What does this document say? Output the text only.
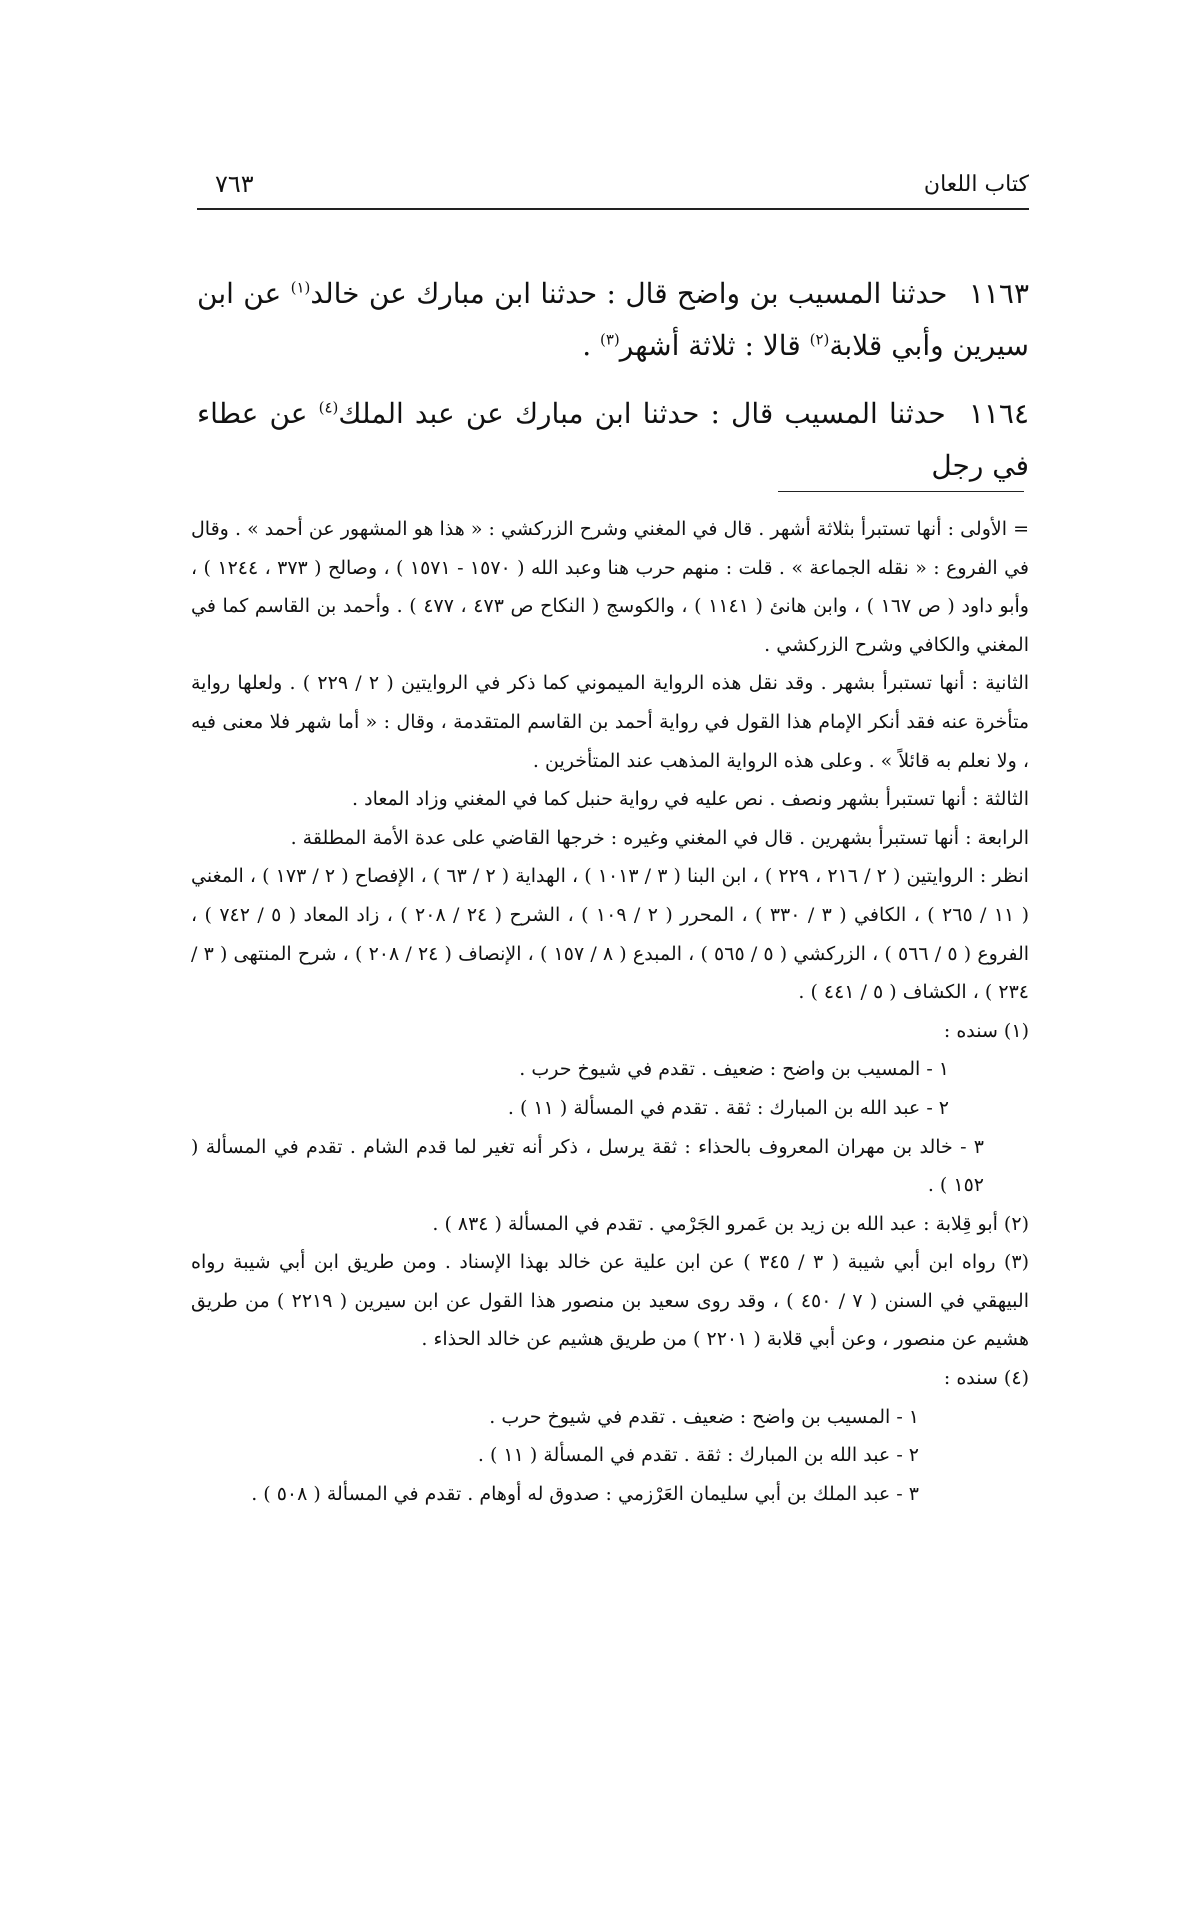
كتاب اللعان
٧٦٣

١١٦٣ حدثنا المسيب بن واضح قال : حدثنا ابن مبارك عن خالد$^{(١)}$ عن ابن سيرين وأبي قلابة$^{(٢)}$ قالا : ثلاثة أشهر$^{(٣)}$ .

١١٦٤ حدثنا المسيب قال : حدثنا ابن مبارك عن عبد الملك$^{(٤)}$ عن عطاء في رجل

= الأولى : أنها تستبرأ بثلاثة أشهر . قال في المغني وشرح الزركشي : « هذا هو المشهور عن أحمد » . وقال في الفروع : « نقله الجماعة » . قلت : منهم حرب هنا وعبد الله ( ١٥٧٠ - ١٥٧١ ) ، وصالح ( ٣٧٣ ، ١٢٤٤ ) ، وأبو داود ( ص ١٦٧ ) ، وابن هانئ ( ١١٤١ ) ، والكوسج ( النكاح ص ٤٧٣ ، ٤٧٧ ) . وأحمد بن القاسم كما في المغني والكافي وشرح الزركشي .

الثانية : أنها تستبرأ بشهر . وقد نقل هذه الرواية الميموني كما ذكر في الروايتين ( ٢ / ٢٢٩ ) . ولعلها رواية متأخرة عنه فقد أنكر الإمام هذا القول في رواية أحمد بن القاسم المتقدمة ، وقال : « أما شهر فلا معنى فيه ، ولا نعلم به قائلاً » . وعلى هذه الرواية المذهب عند المتأخرين .

الثالثة : أنها تستبرأ بشهر ونصف . نص عليه في رواية حنبل كما في المغني وزاد المعاد .

الرابعة : أنها تستبرأ بشهرين . قال في المغني وغيره : خرجها القاضي على عدة الأمة المطلقة .

انظر : الروايتين ( ٢ / ٢١٦ ، ٢٢٩ ) ، ابن البنا ( ٣ / ١٠١٣ ) ، الهداية ( ٢ / ٦٣ ) ، الإفصاح ( ٢ / ١٧٣ ) ، المغني ( ١١ / ٢٦٥ ) ، الكافي ( ٣ / ٣٣٠ ) ، المحرر ( ٢ / ١٠٩ ) ، الشرح ( ٢٤ / ٢٠٨ ) ، زاد المعاد ( ٥ / ٧٤٢ ) ، الفروع ( ٥ / ٥٦٦ ) ، الزركشي ( ٥ / ٥٦٥ ) ، المبدع ( ٨ / ١٥٧ ) ، الإنصاف ( ٢٤ / ٢٠٨ ) ، شرح المنتهى ( ٣ / ٢٣٤ ) ، الكشاف ( ٥ / ٤٤١ ) .

(١) سنده :

١ - المسيب بن واضح : ضعيف . تقدم في شيوخ حرب .

٢ - عبد الله بن المبارك : ثقة . تقدم في المسألة ( ١١ ) .

٣ - خالد بن مهران المعروف بالحذاء : ثقة يرسل ، ذكر أنه تغير لما قدم الشام . تقدم في المسألة ( ١٥٢ ) .

(٢) أبو قِلابة : عبد الله بن زيد بن عَمرو الجَرْمي . تقدم في المسألة ( ٨٣٤ ) .

(٣) رواه ابن أبي شيبة ( ٣ / ٣٤٥ ) عن ابن علية عن خالد بهذا الإسناد . ومن طريق ابن أبي شيبة رواه البيهقي في السنن ( ٧ / ٤٥٠ ) ، وقد روى سعيد بن منصور هذا القول عن ابن سيرين ( ٢٢١٩ ) من طريق هشيم عن منصور ، وعن أبي قلابة ( ٢٢٠١ ) من طريق هشيم عن خالد الحذاء .

(٤) سنده :

١ - المسيب بن واضح : ضعيف . تقدم في شيوخ حرب .

٢ - عبد الله بن المبارك : ثقة . تقدم في المسألة ( ١١ ) .

٣ - عبد الملك بن أبي سليمان العَرْزمي : صدوق له أوهام . تقدم في المسألة ( ٥٠٨ ) .
